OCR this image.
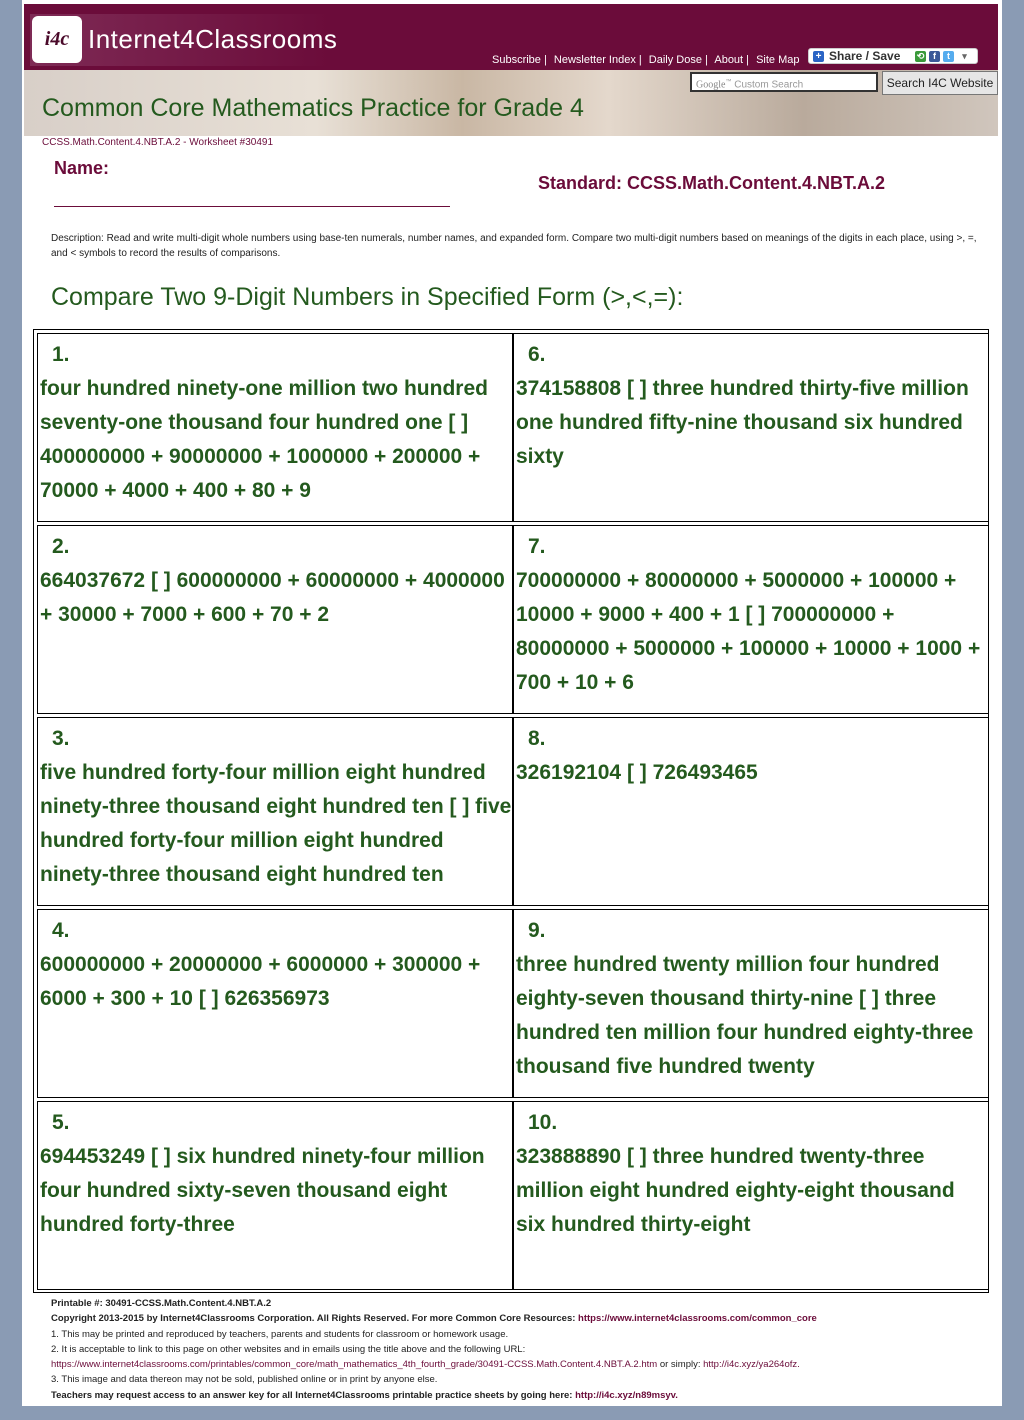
i4c Internet4Classrooms
Subscribe | Newsletter Index | Daily Dose | About | Site Map	+ Share / Save ⟲ f	t	▾
Google™ Custom Search	Search I4C Website
Common Core Mathematics Practice for Grade 4
CCSS.Math.Content.4.NBT.A.2 - Worksheet #30491
Name:
Standard: CCSS.Math.Content.4.NBT.A.2
Description: Read and write multi-digit whole numbers using base-ten numerals, number names, and expanded form. Compare two multi-digit numbers based on meanings of the digits in each place, using >, =, and < symbols to record the results of comparisons.
Compare Two 9-Digit Numbers in Specified Form (>,<,=):
1.
four hundred ninety-one million two hundred seventy-one thousand four hundred one [ ] 400000000 + 90000000 + 1000000 + 200000 + 70000 + 4000 + 400 + 80 + 9
2.
664037672 [ ] 600000000 + 60000000 + 4000000 + 30000 + 7000 + 600 + 70 + 2
3.
five hundred forty-four million eight hundred ninety-three thousand eight hundred ten [ ] five hundred forty-four million eight hundred ninety-three thousand eight hundred ten
4.
600000000 + 20000000 + 6000000 + 300000 + 6000 + 300 + 10 [ ] 626356973
5.
694453249 [ ] six hundred ninety-four million four hundred sixty-seven thousand eight hundred forty-three
6.
374158808 [ ] three hundred thirty-five million one hundred fifty-nine thousand six hundred sixty
7.
700000000 + 80000000 + 5000000 + 100000 + 10000 + 9000 + 400 + 1 [ ] 700000000 + 80000000 + 5000000 + 100000 + 10000 + 1000 + 700 + 10 + 6
8.
326192104 [ ] 726493465
9.
three hundred twenty million four hundred eighty-seven thousand thirty-nine [ ] three hundred ten million four hundred eighty-three thousand five hundred twenty
10.
323888890 [ ] three hundred twenty-three million eight hundred eighty-eight thousand six hundred thirty-eight
Printable #: 30491-CCSS.Math.Content.4.NBT.A.2
Copyright 2013-2015 by Internet4Classrooms Corporation. All Rights Reserved. For more Common Core Resources: https://www.internet4classrooms.com/common_core
1. This may be printed and reproduced by teachers, parents and students for classroom or homework usage.
2. It is acceptable to link to this page on other websites and in emails using the title above and the following URL:
https://www.internet4classrooms.com/printables/common_core/math_mathematics_4th_fourth_grade/30491-CCSS.Math.Content.4.NBT.A.2.htm or simply: http://i4c.xyz/ya264ofz.
3. This image and data thereon may not be sold, published online or in print by anyone else.
Teachers may request access to an answer key for all Internet4Classrooms printable practice sheets by going here: http://i4c.xyz/n89msyv.
